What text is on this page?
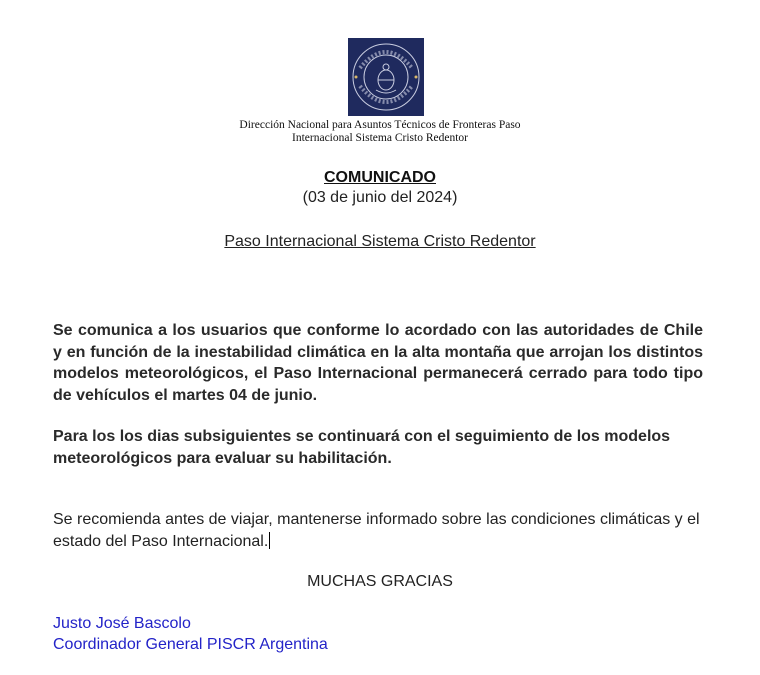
Dirección Nacional para Asuntos Técnicos de Fronteras Paso
Internacional Sistema Cristo Redentor
COMUNICADO
(03 de junio del 2024)
Paso Internacional Sistema Cristo Redentor
Se comunica a los usuarios que conforme lo acordado con las autoridades de Chile y en función de la inestabilidad climática en la alta montaña que arrojan los distintos modelos meteorológicos, el Paso Internacional permanecerá cerrado para todo tipo de vehículos el martes 04 de junio.
Para los los dias subsiguientes se continuará con el seguimiento de los modelos meteorológicos para evaluar su habilitación.
Se recomienda antes de viajar, mantenerse informado sobre las condiciones climáticas y el estado del Paso Internacional.
MUCHAS GRACIAS
Justo José Bascolo
Coordinador General PISCR Argentina
